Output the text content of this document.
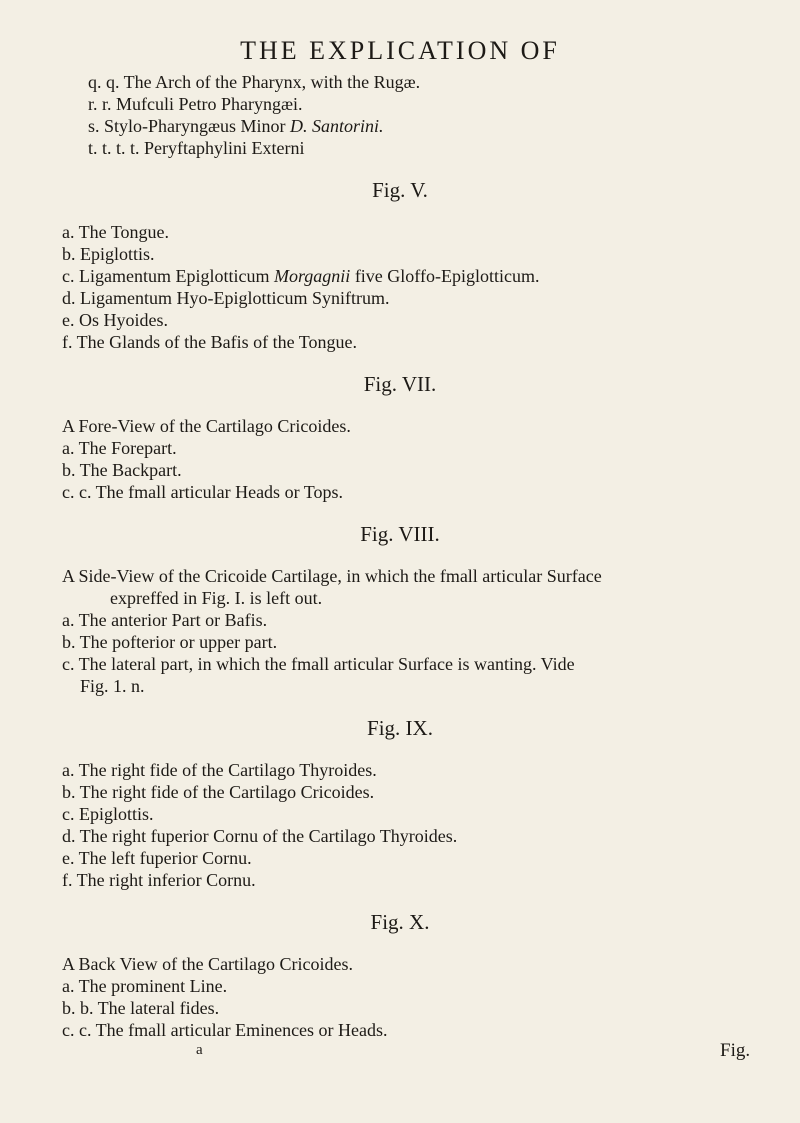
THE EXPLICATION OF
q. q. The Arch of the Pharynx, with the Rugæ.
r. r. Mufculi Petro Pharyngæi.
s. Stylo-Pharyngæus Minor D. Santorini.
t. t. t. t. Peryftaphylini Externi
Fig. V.
a. The Tongue.
b. Epiglottis.
c. Ligamentum Epiglotticum Morgagnii five Gloffo-Epiglotticum.
d. Ligamentum Hyo-Epiglotticum Syniftrum.
e. Os Hyoides.
f. The Glands of the Bafis of the Tongue.
Fig. VII.
A Fore-View of the Cartilago Cricoides.
a. The Forepart.
b. The Backpart.
c. c. The fmall articular Heads or Tops.
Fig. VIII.
A Side-View of the Cricoide Cartilage, in which the fmall articular Surface
expreffed in Fig. I. is left out.
a. The anterior Part or Bafis.
b. The pofterior or upper part.
c. The lateral part, in which the fmall articular Surface is wanting. Vide
Fig. 1. n.
Fig. IX.
a. The right fide of the Cartilago Thyroides.
b. The right fide of the Cartilago Cricoides.
c. Epiglottis.
d. The right fuperior Cornu of the Cartilago Thyroides.
e. The left fuperior Cornu.
f. The right inferior Cornu.
Fig. X.
A Back View of the Cartilago Cricoides.
a. The prominent Line.
b. b. The lateral fides.
c. c. The fmall articular Eminences or Heads.
a	Fig.
